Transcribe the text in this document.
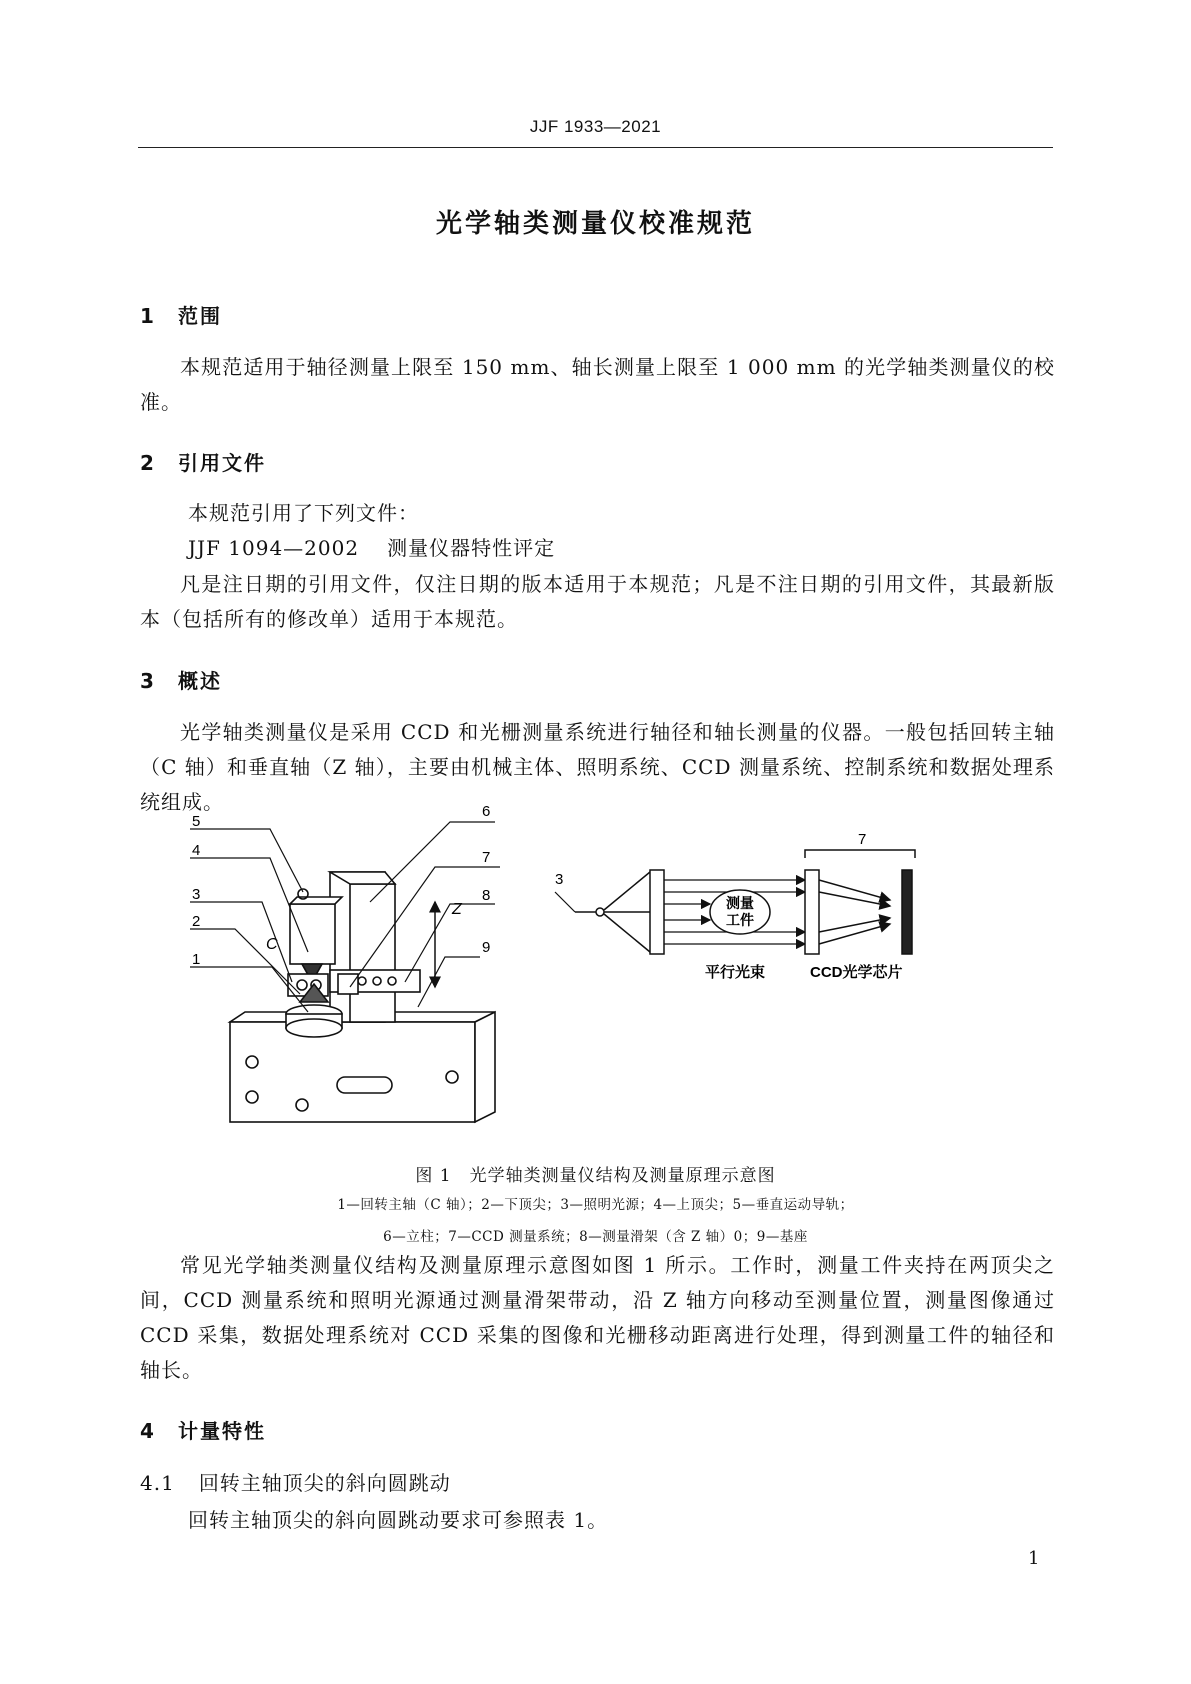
JJF 1933—2021
光学轴类测量仪校准规范
1 范围
本规范适用于轴径测量上限至 150 mm、轴长测量上限至 1 000 mm 的光学轴类测量仪的校准。
2 引用文件
本规范引用了下列文件：
JJF 1094—2002 测量仪器特性评定
凡是注日期的引用文件，仅注日期的版本适用于本规范；凡是不注日期的引用文件，其最新版本（包括所有的修改单）适用于本规范。
3 概述
光学轴类测量仪是采用 CCD 和光栅测量系统进行轴径和轴长测量的仪器。一般包括回转主轴（C 轴）和垂直轴（Z 轴），主要由机械主体、照明系统、CCD 测量系统、控制系统和数据处理系统组成。
Z
C
5
4
3
2
1
6
7
8
9
3
7
测量
工件
平行光束	CCD光学芯片
图 1　光学轴类测量仪结构及测量原理示意图
1—回转主轴（C 轴）；2—下顶尖；3—照明光源；4—上顶尖；5—垂直运动导轨；
6—立柱；7—CCD 测量系统；8—测量滑架（含 Z 轴）0；9—基座
常见光学轴类测量仪结构及测量原理示意图如图 1 所示。工作时，测量工件夹持在两顶尖之间，CCD 测量系统和照明光源通过测量滑架带动，沿 Z 轴方向移动至测量位置，测量图像通过 CCD 采集，数据处理系统对 CCD 采集的图像和光栅移动距离进行处理，得到测量工件的轴径和轴长。
4 计量特性
4.1 回转主轴顶尖的斜向圆跳动
回转主轴顶尖的斜向圆跳动要求可参照表 1。
1
